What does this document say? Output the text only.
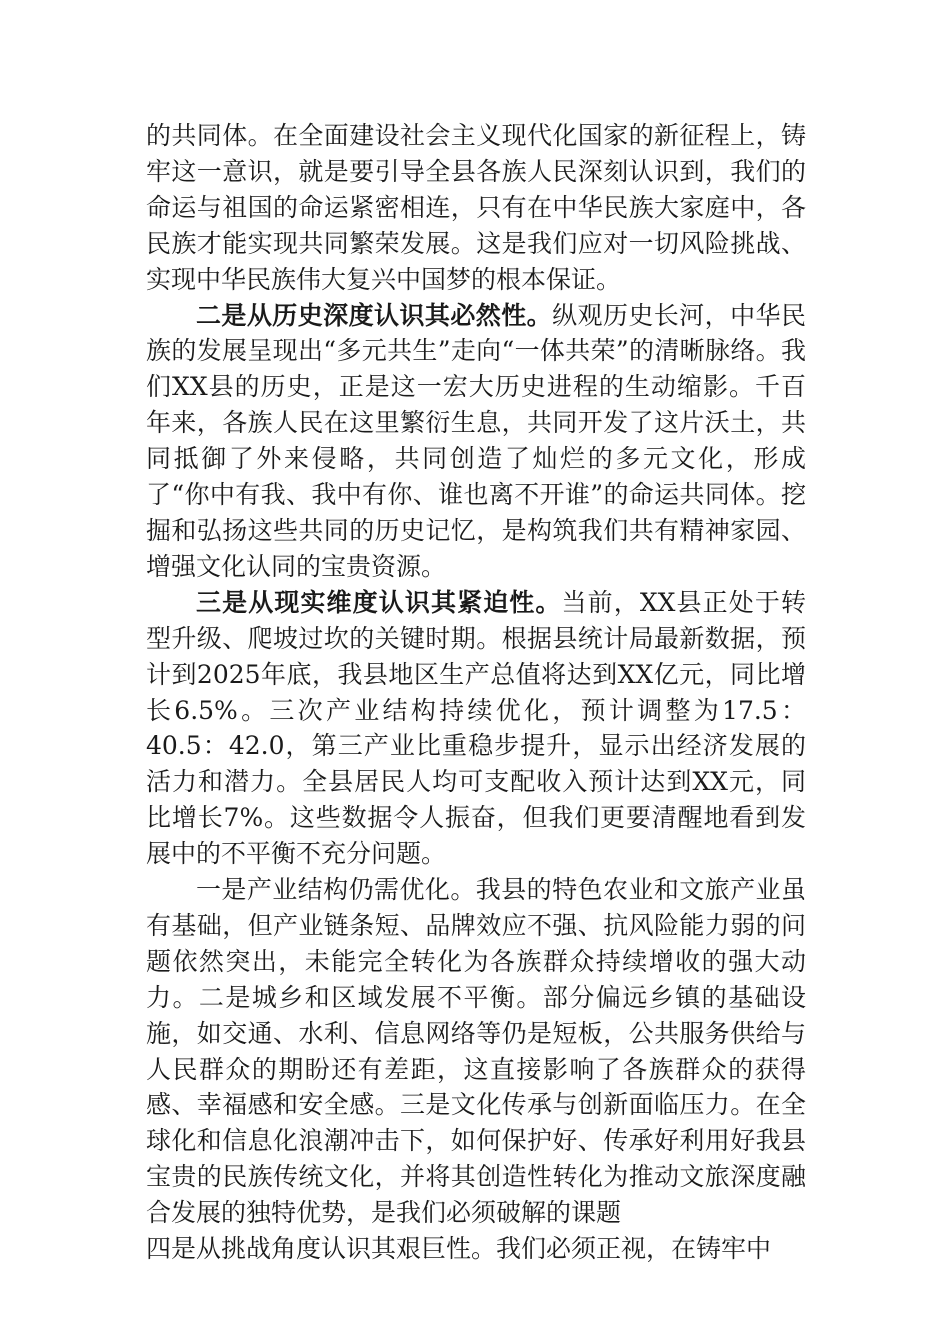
的共同体。在全面建设社会主义现代化国家的新征程上，铸牢这一意识，就是要引导全县各族人民深刻认识到，我们的命运与祖国的命运紧密相连，只有在中华民族大家庭中，各民族才能实现共同繁荣发展。这是我们应对一切风险挑战、实现中华民族伟大复兴中国梦的根本保证。

二是从历史深度认识其必然性。纵观历史长河，中华民族的发展呈现出“多元共生”走向“一体共荣”的清晰脉络。我们XX县的历史，正是这一宏大历史进程的生动缩影。千百年来，各族人民在这里繁衍生息，共同开发了这片沃土，共同抵御了外来侵略，共同创造了灿烂的多元文化，形成了“你中有我、我中有你、谁也离不开谁”的命运共同体。挖掘和弘扬这些共同的历史记忆，是构筑我们共有精神家园、增强文化认同的宝贵资源。

三是从现实维度认识其紧迫性。当前，XX县正处于转型升级、爬坡过坎的关键时期。根据县统计局最新数据，预计到2025年底，我县地区生产总值将达到XX亿元，同比增长6.5%。三次产业结构持续优化，预计调整为17.5：40.5：42.0，第三产业比重稳步提升，显示出经济发展的活力和潜力。全县居民人均可支配收入预计达到XX元，同比增长7%。这些数据令人振奋，但我们更要清醒地看到发展中的不平衡不充分问题。

一是产业结构仍需优化。我县的特色农业和文旅产业虽有基础，但产业链条短、品牌效应不强、抗风险能力弱的问题依然突出，未能完全转化为各族群众持续增收的强大动力。二是城乡和区域发展不平衡。部分偏远乡镇的基础设施，如交通、水利、信息网络等仍是短板，公共服务供给与人民群众的期盼还有差距，这直接影响了各族群众的获得感、幸福感和安全感。三是文化传承与创新面临压力。在全球化和信息化浪潮冲击下，如何保护好、传承好利用好我县宝贵的民族传统文化，并将其创造性转化为推动文旅深度融合发展的独特优势，是我们必须破解的课题

四是从挑战角度认识其艰巨性。我们必须正视，在铸牢中
